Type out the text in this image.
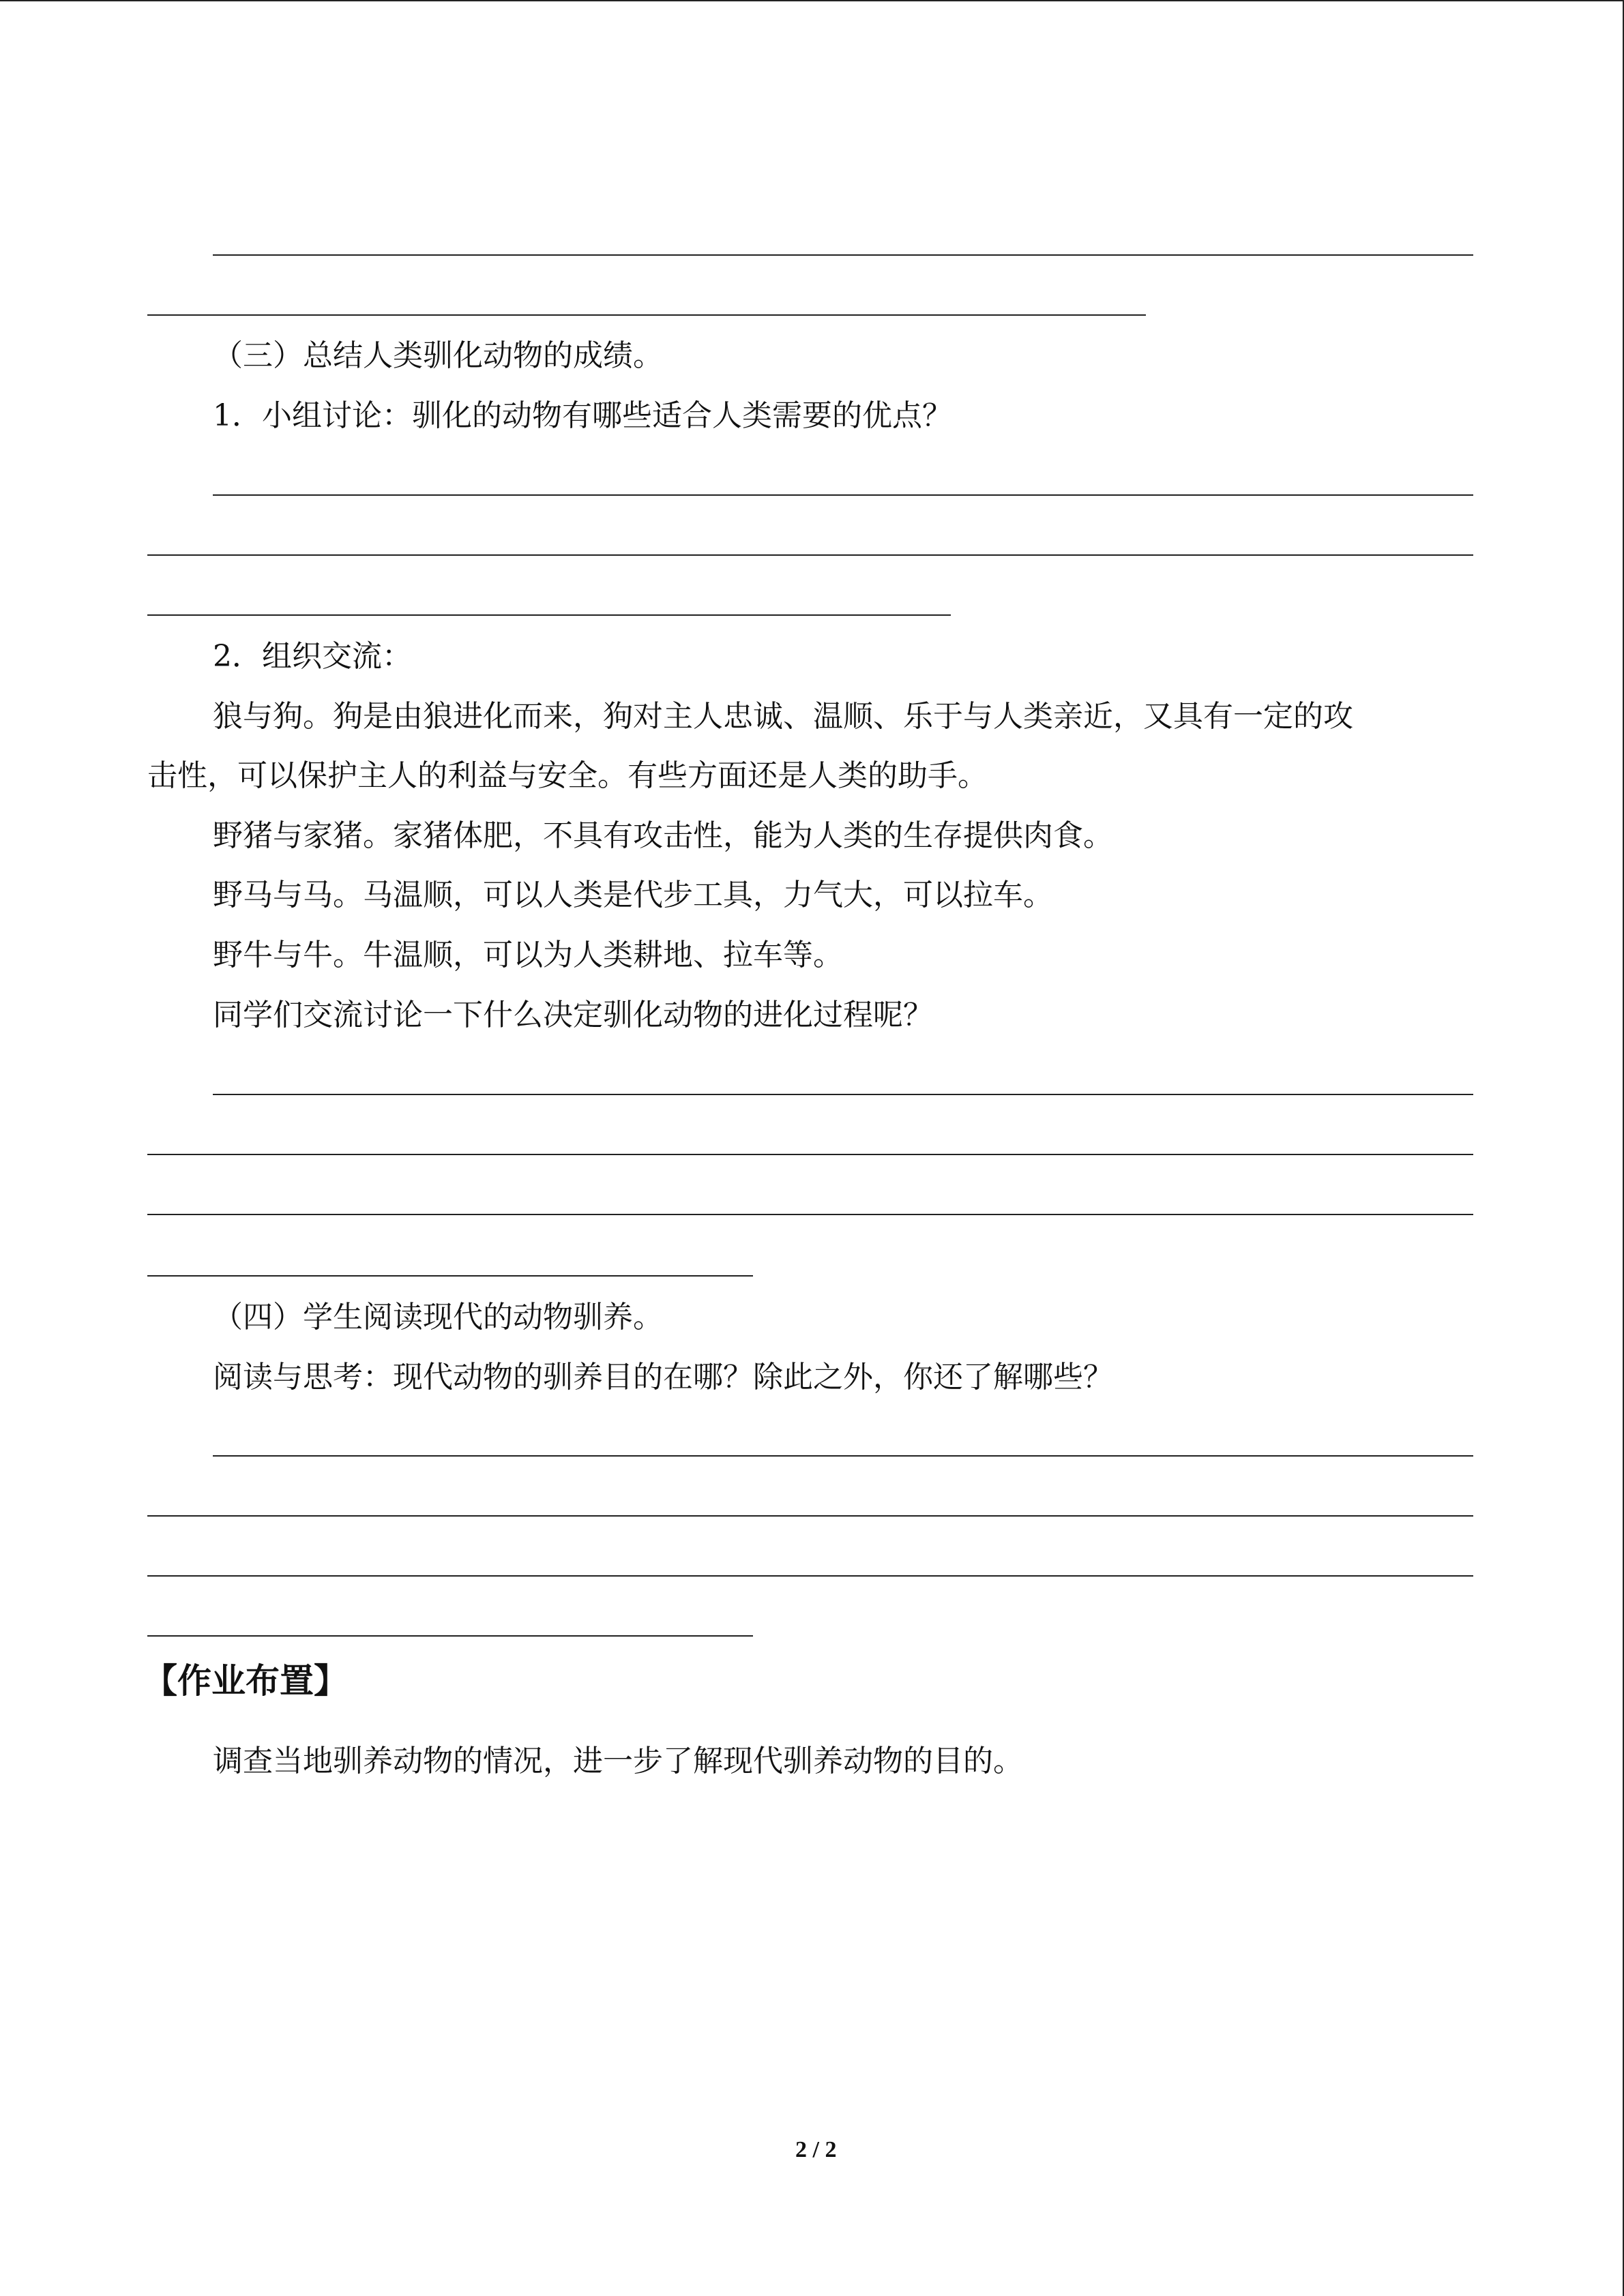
（三）总结人类驯化动物的成绩。
1．小组讨论：驯化的动物有哪些适合人类需要的优点？
2．组织交流：
狼与狗。狗是由狼进化而来，狗对主人忠诚、温顺、乐于与人类亲近，又具有一定的攻
击性，可以保护主人的利益与安全。有些方面还是人类的助手。
野猪与家猪。家猪体肥，不具有攻击性，能为人类的生存提供肉食。
野马与马。马温顺，可以人类是代步工具，力气大，可以拉车。
野牛与牛。牛温顺，可以为人类耕地、拉车等。
同学们交流讨论一下什么决定驯化动物的进化过程呢？
（四）学生阅读现代的动物驯养。
阅读与思考：现代动物的驯养目的在哪？除此之外，你还了解哪些？
【作业布置】
调查当地驯养动物的情况，进一步了解现代驯养动物的目的。
2 / 2
